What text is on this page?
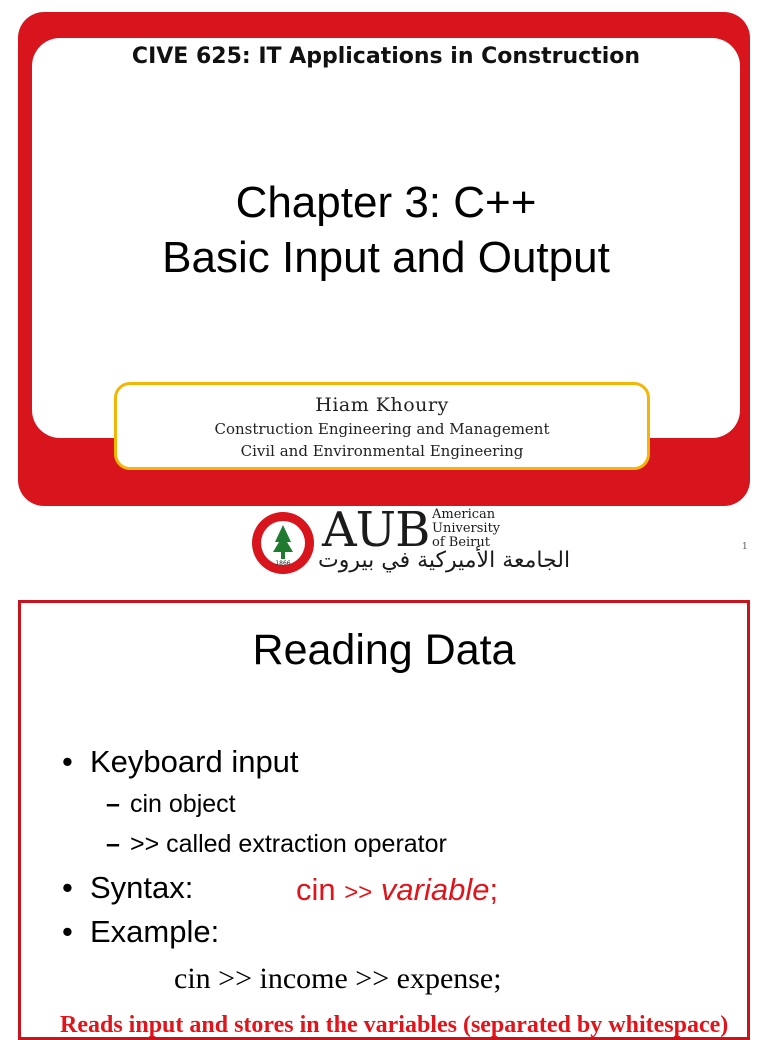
CIVE 625: IT Applications in Construction
Chapter 3: C++
Basic Input and Output
Hiam Khoury
Construction Engineering and Management
Civil and Environmental Engineering
1866
AUB American
University
of Beirut
الجامعة الأميركية في بيروت
1
Reading Data
• Keyboard input
– cin object
– >> called extraction operator
• Syntax:	cin >> variable;
• Example:
cin >> income >> expense;
Reads input and stores in the variables (separated by whitespace)
